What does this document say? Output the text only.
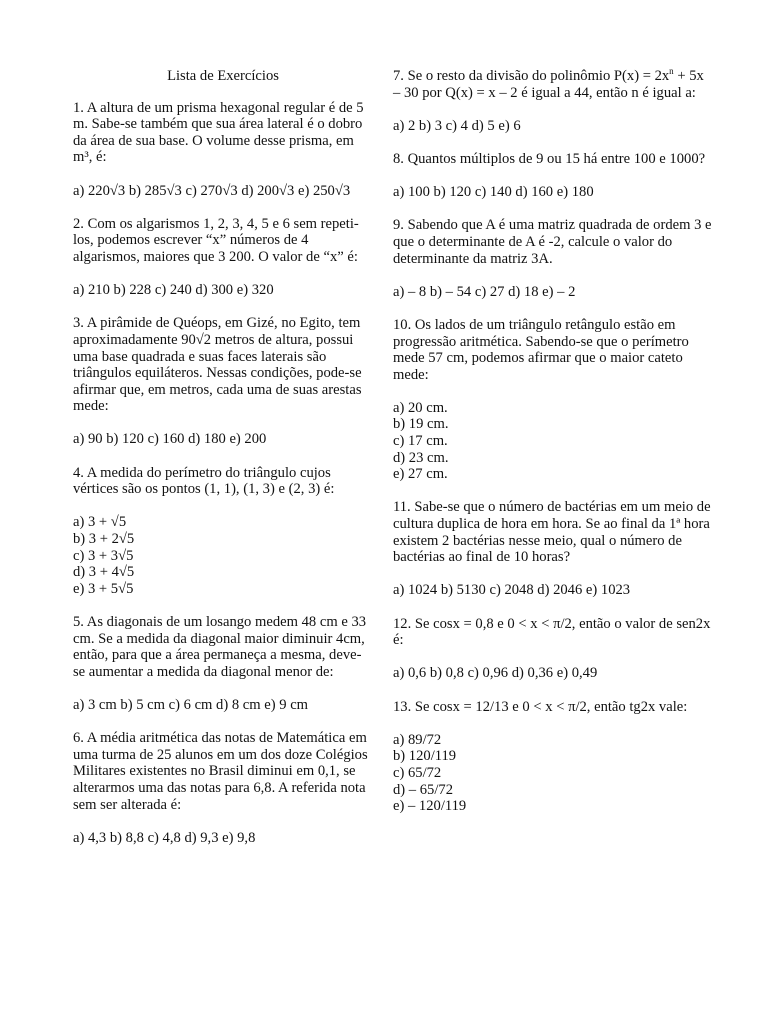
Lista de Exercícios

1. A altura de um prisma hexagonal regular é de 5 m. Sabe-se também que sua área lateral é o dobro da área de sua base. O volume desse prisma, em m³, é:

a) 220√3 b) 285√3 c) 270√3 d) 200√3 e) 250√3

2. Com os algarismos 1, 2, 3, 4, 5 e 6 sem repeti-los, podemos escrever “x” números de 4 algarismos, maiores que 3 200. O valor de “x” é:

a) 210 b) 228 c) 240 d) 300 e) 320

3. A pirâmide de Quéops, em Gizé, no Egito, tem aproximadamente 90√2 metros de altura, possui uma base quadrada e suas faces laterais são triângulos equiláteros. Nessas condições, pode-se afirmar que, em metros, cada uma de suas arestas mede:

a) 90 b) 120 c) 160 d) 180 e) 200

4. A medida do perímetro do triângulo cujos vértices são os pontos (1, 1), (1, 3) e (2, 3) é:

a) 3 + √5
b) 3 + 2√5
c) 3 + 3√5
d) 3 + 4√5
e) 3 + 5√5

5. As diagonais de um losango medem 48 cm e 33 cm. Se a medida da diagonal maior diminuir 4cm, então, para que a área permaneça a mesma, deve-se aumentar a medida da diagonal menor de:

a) 3 cm b) 5 cm c) 6 cm d) 8 cm e) 9 cm

6. A média aritmética das notas de Matemática em uma turma de 25 alunos em um dos doze Colégios Militares existentes no Brasil diminui em 0,1, se alterarmos uma das notas para 6,8. A referida nota sem ser alterada é:

a) 4,3 b) 8,8 c) 4,8 d) 9,3 e) 9,8

7. Se o resto da divisão do polinômio $P(x) = 2x^n + 5x - 30$ por Q(x) = x – 2 é igual a 44, então n é igual a:

a) 2 b) 3 c) 4 d) 5 e) 6

8. Quantos múltiplos de 9 ou 15 há entre 100 e 1000?

a) 100 b) 120 c) 140 d) 160 e) 180

9. Sabendo que A é uma matriz quadrada de ordem 3 e que o determinante de A é -2, calcule o valor do determinante da matriz 3A.

a) – 8 b) – 54 c) 27 d) 18 e) – 2

10. Os lados de um triângulo retângulo estão em progressão aritmética. Sabendo-se que o perímetro mede 57 cm, podemos afirmar que o maior cateto mede:

a) 20 cm.
b) 19 cm.
c) 17 cm.
d) 23 cm.
e) 27 cm.

11. Sabe-se que o número de bactérias em um meio de cultura duplica de hora em hora. Se ao final da 1ª hora existem 2 bactérias nesse meio, qual o número de bactérias ao final de 10 horas?

a) 1024 b) 5130 c) 2048 d) 2046 e) 1023

12. Se cosx = 0,8 e 0 < x < π/2, então o valor de sen2x é:

a) 0,6 b) 0,8 c) 0,96 d) 0,36 e) 0,49

13. Se cosx = 12/13 e 0 < x < π/2, então tg2x vale:

a) 89/72
b) 120/119
c) 65/72
d) – 65/72
e) – 120/119
